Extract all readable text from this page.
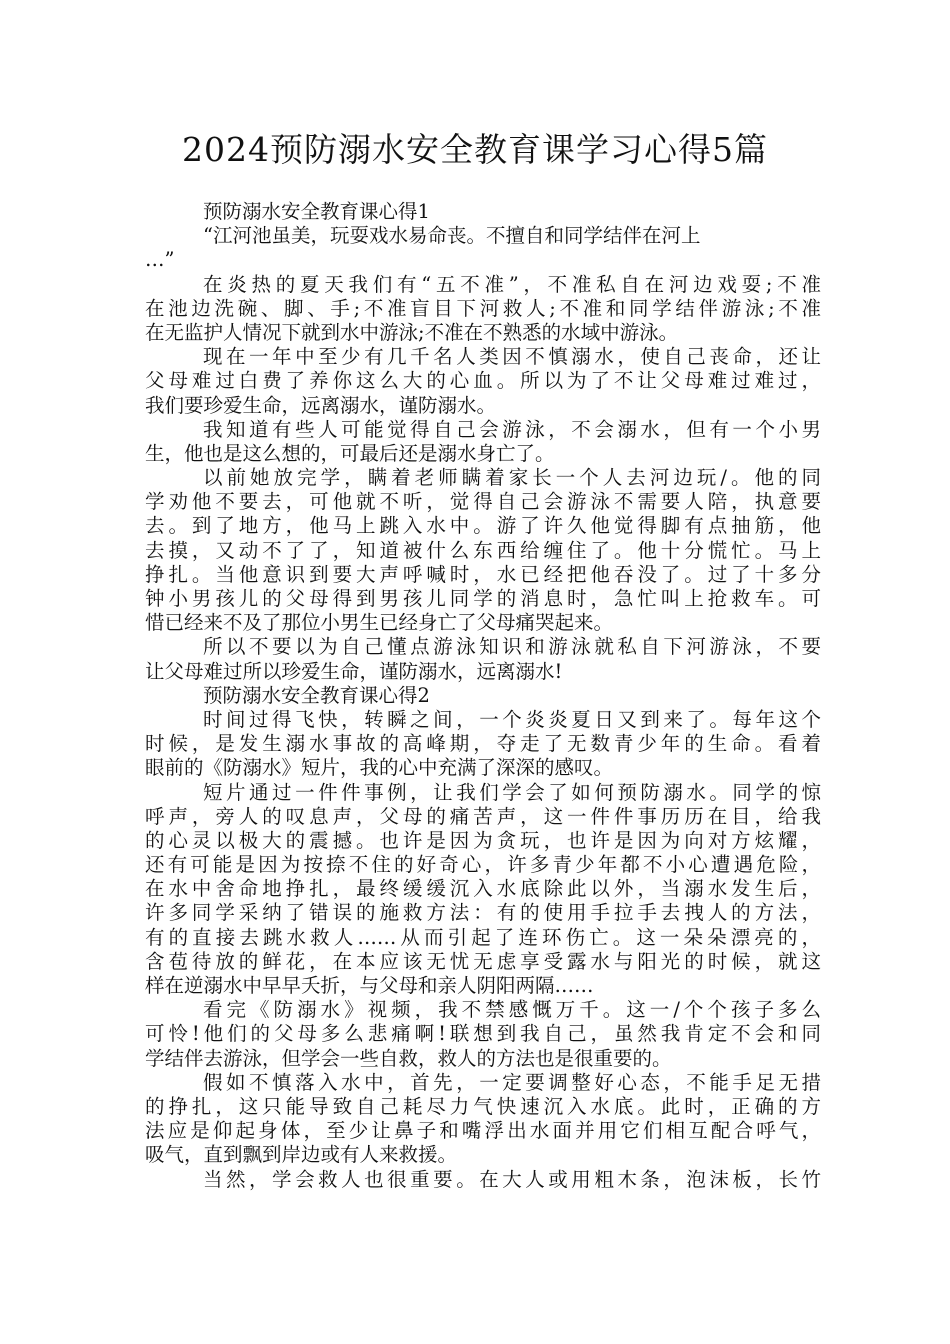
2024预防溺水安全教育课学习心得5篇
预防溺水安全教育课心得1
“江河池虽美，玩耍戏水易命丧。不擅自和同学结伴在河上
…”
在炎热的夏天我们有“五不准”，不准私自在河边戏耍;不准
在池边洗碗、脚、手;不准盲目下河救人;不准和同学结伴游泳;不准
在无监护人情况下就到水中游泳;不准在不熟悉的水域中游泳。
现在一年中至少有几千名人类因不慎溺水，使自己丧命，还让
父母难过白费了养你这么大的心血。所以为了不让父母难过难过，
我们要珍爱生命，远离溺水，谨防溺水。
我知道有些人可能觉得自己会游泳，不会溺水，但有一个小男
生，他也是这么想的，可最后还是溺水身亡了。
以前她放完学，瞒着老师瞒着家长一个人去河边玩/。他的同
学劝他不要去，可他就不听，觉得自己会游泳不需要人陪，执意要
去。到了地方，他马上跳入水中。游了许久他觉得脚有点抽筋，他
去摸，又动不了了，知道被什么东西给缠住了。他十分慌忙。马上
挣扎。当他意识到要大声呼喊时，水已经把他吞没了。过了十多分
钟小男孩儿的父母得到男孩儿同学的消息时，急忙叫上抢救车。可
惜已经来不及了那位小男生已经身亡了父母痛哭起来。
所以不要以为自己懂点游泳知识和游泳就私自下河游泳，不要
让父母难过所以珍爱生命，谨防溺水，远离溺水!
预防溺水安全教育课心得2
时间过得飞快，转瞬之间，一个炎炎夏日又到来了。每年这个
时候，是发生溺水事故的高峰期，夺走了无数青少年的生命。看着
眼前的《防溺水》短片，我的心中充满了深深的感叹。
短片通过一件件事例，让我们学会了如何预防溺水。同学的惊
呼声，旁人的叹息声，父母的痛苦声，这一件件事历历在目，给我
的心灵以极大的震撼。也许是因为贪玩，也许是因为向对方炫耀，
还有可能是因为按捺不住的好奇心，许多青少年都不小心遭遇危险，
在水中舍命地挣扎，最终缓缓沉入水底除此以外，当溺水发生后，
许多同学采纳了错误的施救方法：有的使用手拉手去拽人的方法，
有的直接去跳水救人……从而引起了连环伤亡。这一朵朵漂亮的，
含苞待放的鲜花，在本应该无忧无虑享受露水与阳光的时候，就这
样在逆溺水中早早夭折，与父母和亲人阴阳两隔……
看完《防溺水》视频，我不禁感慨万千。这一/个个孩子多么
可怜!他们的父母多么悲痛啊!联想到我自己，虽然我肯定不会和同
学结伴去游泳，但学会一些自救，救人的方法也是很重要的。
假如不慎落入水中，首先，一定要调整好心态，不能手足无措
的挣扎，这只能导致自己耗尽力气快速沉入水底。此时，正确的方
法应是仰起身体，至少让鼻子和嘴浮出水面并用它们相互配合呼气，
吸气，直到飘到岸边或有人来救援。
当然，学会救人也很重要。在大人或用粗木条，泡沫板，长竹
